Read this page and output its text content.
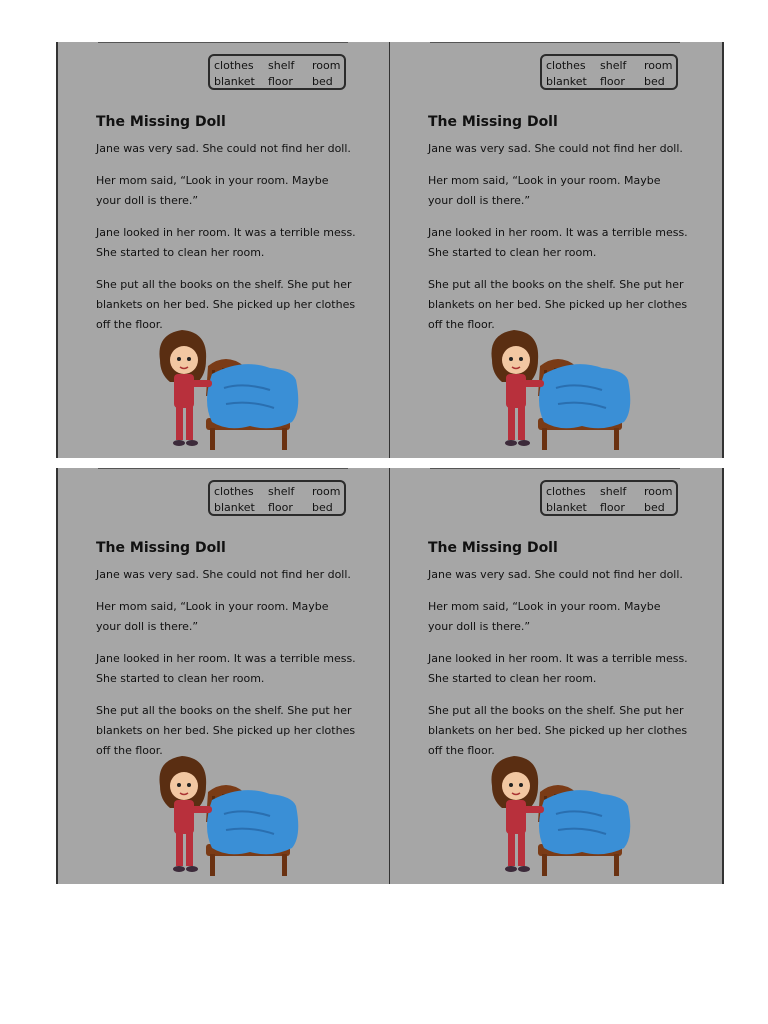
clothes	shelf	room
blanket	floor	bed
The Missing Doll

Jane was very sad. She could not find her doll.

Her mom said, “Look in your room. Maybe your doll is there.”

Jane looked in her room. It was a terrible mess. She started to clean her room.

She put all the books on the shelf. She put her blankets on her bed. She picked up her clothes off the floor.

clothes	shelf	room
blanket	floor	bed
The Missing Doll

Jane was very sad. She could not find her doll.

Her mom said, “Look in your room. Maybe your doll is there.”

Jane looked in her room. It was a terrible mess. She started to clean her room.

She put all the books on the shelf. She put her blankets on her bed. She picked up her clothes off the floor.

clothes	shelf	room
blanket	floor	bed
The Missing Doll

Jane was very sad. She could not find her doll.

Her mom said, “Look in your room. Maybe your doll is there.”

Jane looked in her room. It was a terrible mess. She started to clean her room.

She put all the books on the shelf. She put her blankets on her bed. She picked up her clothes off the floor.

clothes	shelf	room
blanket	floor	bed
The Missing Doll

Jane was very sad. She could not find her doll.

Her mom said, “Look in your room. Maybe your doll is there.”

Jane looked in her room. It was a terrible mess. She started to clean her room.

She put all the books on the shelf. She put her blankets on her bed. She picked up her clothes off the floor.
